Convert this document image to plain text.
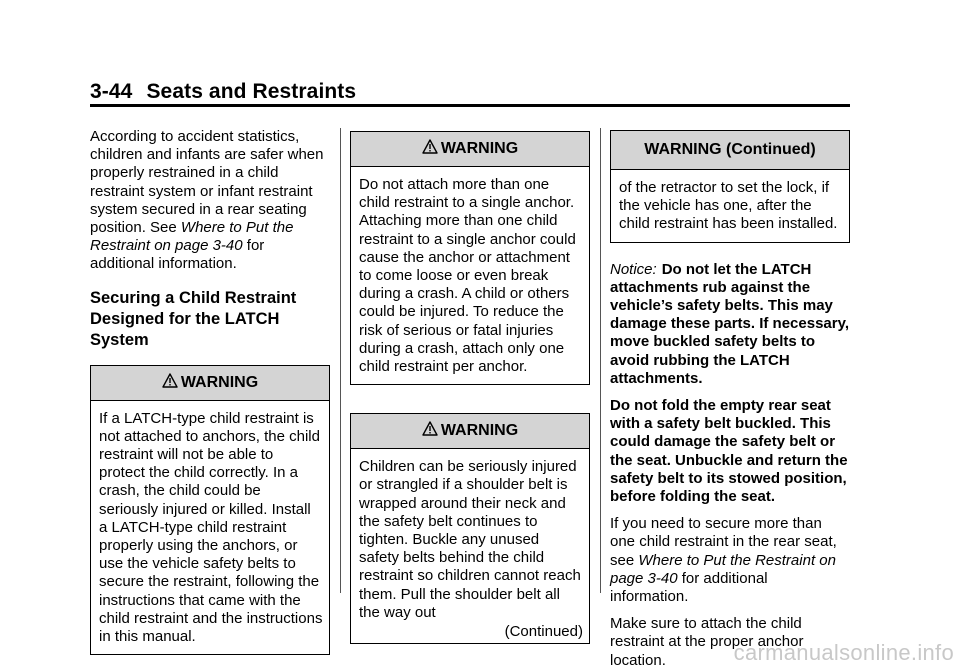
3-44 Seats and Restraints

According to accident statistics, children and infants are safer when properly restrained in a child restraint system or infant restraint system secured in a rear seating position. See Where to Put the Restraint on page 3-40 for additional information.

Securing a Child Restraint Designed for the LATCH System

WARNING
If a LATCH-type child restraint is not attached to anchors, the child restraint will not be able to protect the child correctly. In a crash, the child could be seriously injured or killed. Install a LATCH-type child restraint properly using the anchors, or use the vehicle safety belts to secure the restraint, following the instructions that came with the child restraint and the instructions in this manual.
WARNING
Do not attach more than one child restraint to a single anchor. Attaching more than one child restraint to a single anchor could cause the anchor or attachment to come loose or even break during a crash. A child or others could be injured. To reduce the risk of serious or fatal injuries during a crash, attach only one child restraint per anchor.
WARNING
Children can be seriously injured or strangled if a shoulder belt is wrapped around their neck and the safety belt continues to tighten. Buckle any unused safety belts behind the child restraint so children cannot reach them. Pull the shoulder belt all the way out
(Continued)
WARNING (Continued)
of the retractor to set the lock, if the vehicle has one, after the child restraint has been installed.

Notice: Do not let the LATCH attachments rub against the vehicle’s safety belts. This may damage these parts. If necessary, move buckled safety belts to avoid rubbing the LATCH attachments.

Do not fold the empty rear seat with a safety belt buckled. This could damage the safety belt or the seat. Unbuckle and return the safety belt to its stowed position, before folding the seat.

If you need to secure more than one child restraint in the rear seat, see Where to Put the Restraint on page 3-40 for additional information.

Make sure to attach the child restraint at the proper anchor location.	carmanualsonline.info
